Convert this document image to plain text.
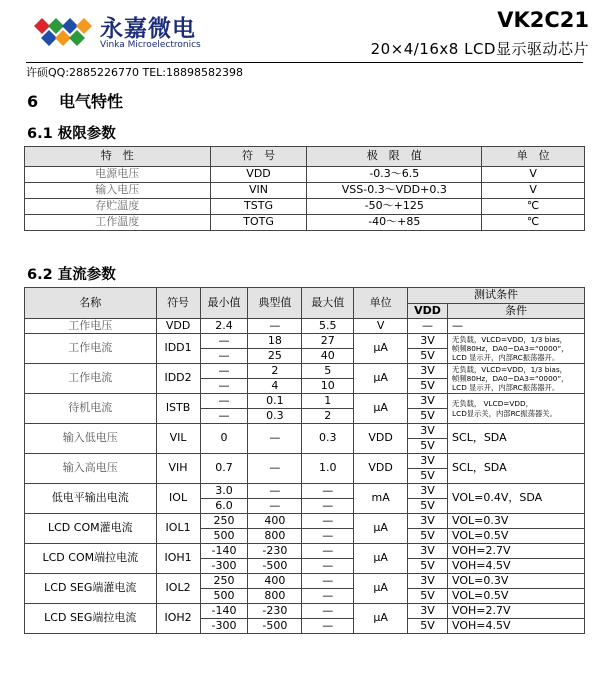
永嘉微电
Vinka Microelectronics
VK2C21
20×4/16x8 LCD显示驱动芯片
许硕QQ:2885226770 TEL:18898582398
6 电气特性
6.1 极限参数
特　性	符　号	极　限　值	单　位
电源电压	VDD	-0.3～6.5	V
输入电压	VIN	VSS-0.3～VDD+0.3	V
存贮温度	TSTG	-50～+125	℃
工作温度	TOTG	-40～+85	℃
6.2 直流参数
名称	符号	最小值	典型值	最大值	单位	测试条件	
						VDD	条件
工作电压	VDD	2.4	—	5.5	V	—	—
工作电流	IDD1	—	18	27	µA	3V	无负载，VLCD=VDD，1/3 bias，
帧频80Hz，DA0~DA3=“0000”，
LCD 显示开，内部RC振荡器开。

		—	25	40		5V	
工作电流	IDD2	—	2	5	µA	3V	无负载，VLCD=VDD，1/3 bias，
帧频80Hz，DA0~DA3=“0000”，
LCD 显示开，内部RC振荡器开。

		—	4	10		5V	
待机电流	ISTB	—	0.1	1	µA	3V	无负载， VLCD=VDD，
LCD显示关，内部RC振荡器关。

		—	0.3	2		5V	
输入低电压	VIL	0	—	0.3	VDD	3V	SCL，SDA
						5V	
输入高电压	VIH	0.7	—	1.0	VDD	3V	SCL，SDA
						5V	
低电平输出电流	IOL	3.0	—	—	mA	3V	VOL=0.4V，SDA
		6.0	—	—		5V	
LCD COM灌电流	IOL1	250	400	—	µA	3V	VOL=0.3V
		500	800	—		5V	VOL=0.5V
LCD COM端拉电流	IOH1	-140	-230	—	µA	3V	VOH=2.7V
		-300	-500	—		5V	VOH=4.5V
LCD SEG端灌电流	IOL2	250	400	—	µA	3V	VOL=0.3V
		500	800	—		5V	VOL=0.5V
LCD SEG端拉电流	IOH2	-140	-230	—	µA	3V	VOH=2.7V
		-300	-500	—		5V	VOH=4.5V
